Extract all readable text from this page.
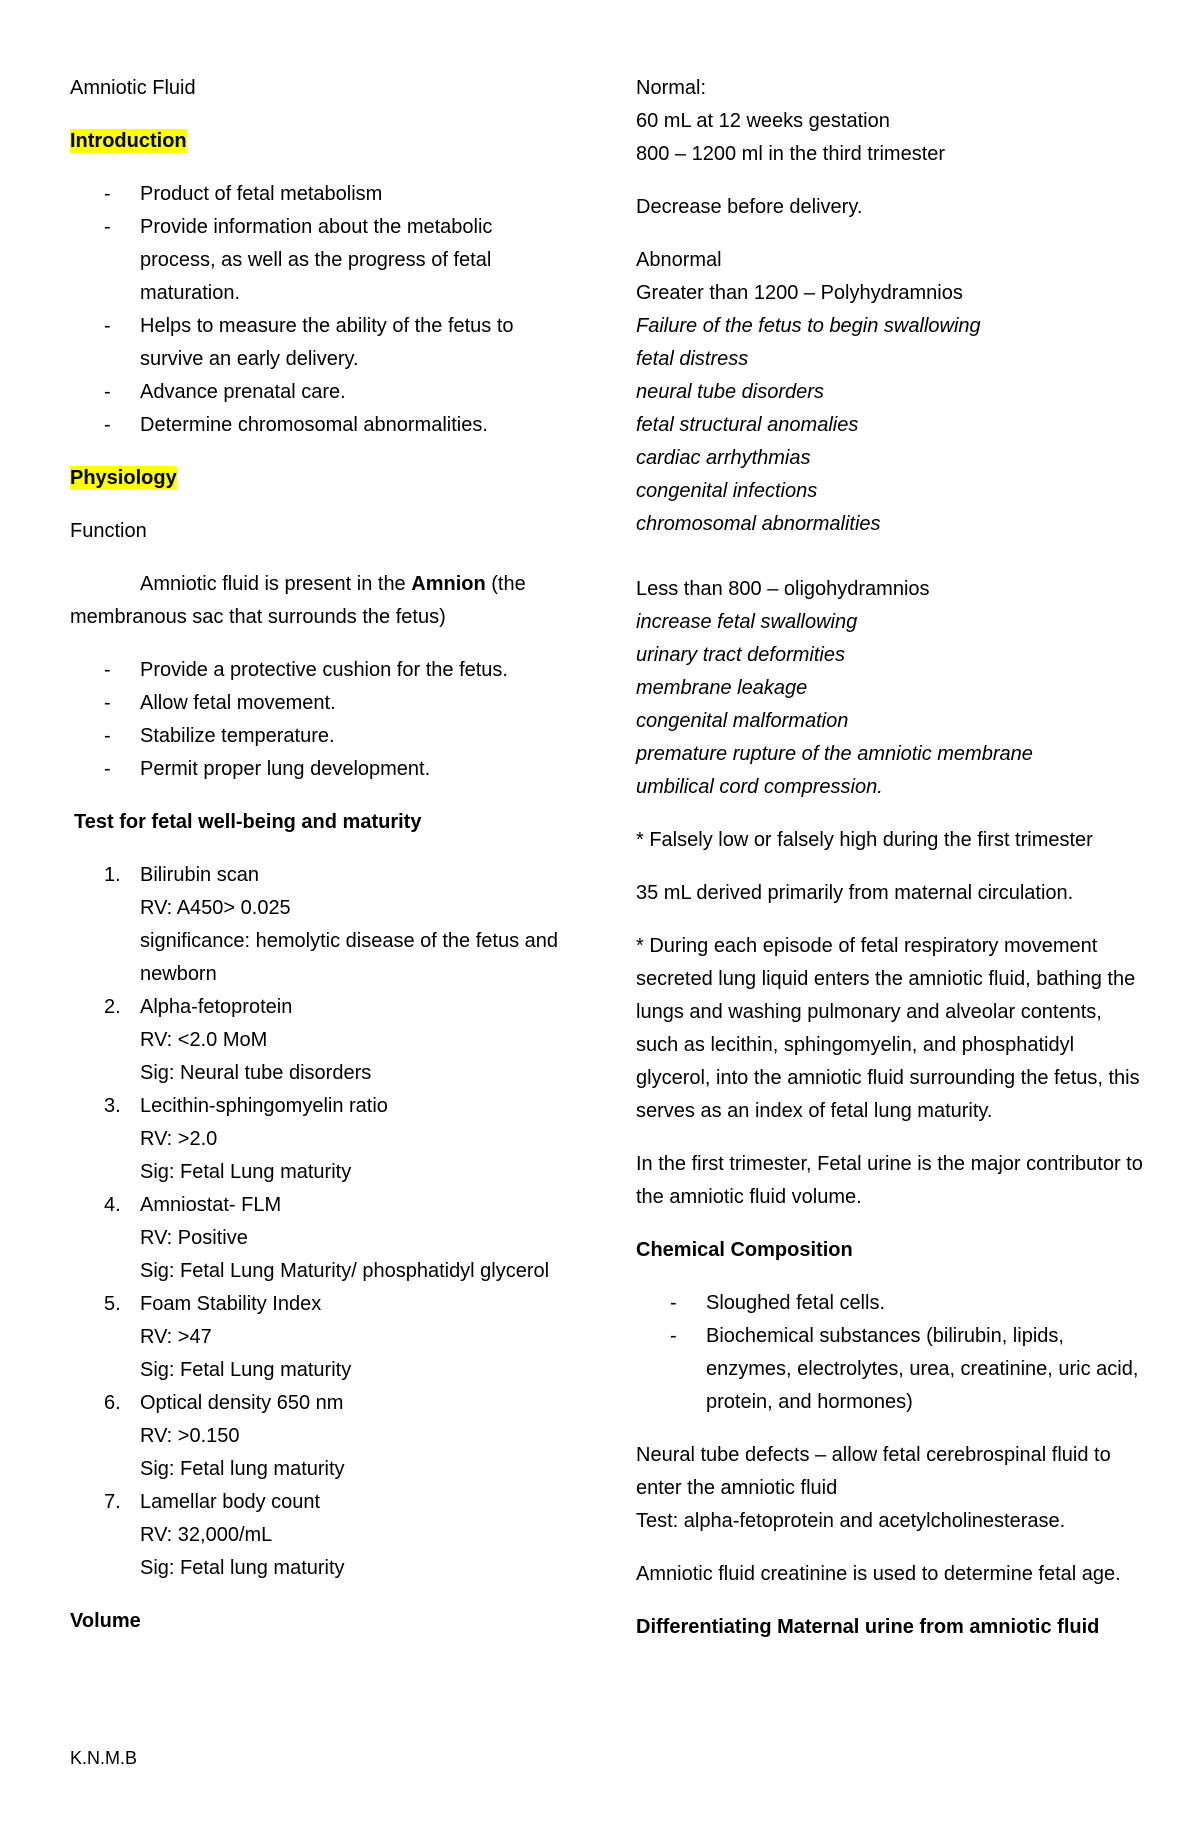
Amniotic Fluid
Introduction
-	Product of fetal metabolism
-	Provide information about the metabolic process, as well as the progress of fetal maturation.
-	Helps to measure the ability of the fetus to survive an early delivery.
-	Advance prenatal care.
-	Determine chromosomal abnormalities.
Physiology
Function
Amniotic fluid is present in the Amnion (the membranous sac that surrounds the fetus)
-	Provide a protective cushion for the fetus.
-	Allow fetal movement.
-	Stabilize temperature.
-	Permit proper lung development.
Test for fetal well-being and maturity
1. Bilirubin scan
RV: A450> 0.025
significance: hemolytic disease of the fetus and newborn
2. Alpha-fetoprotein
RV: <2.0 MoM
Sig: Neural tube disorders
3. Lecithin-sphingomyelin ratio
RV: >2.0
Sig: Fetal Lung maturity
4. Amniostat- FLM
RV: Positive
Sig: Fetal Lung Maturity/ phosphatidyl glycerol
5. Foam Stability Index
RV: >47
Sig: Fetal Lung maturity
6. Optical density 650 nm
RV: >0.150
Sig: Fetal lung maturity
7. Lamellar body count
RV: 32,000/mL
Sig: Fetal lung maturity
Volume
Normal:
60 mL at 12 weeks gestation
800 – 1200 ml in the third trimester
Decrease before delivery.
Abnormal
Greater than 1200 – Polyhydramnios
Failure of the fetus to begin swallowing
fetal distress
neural tube disorders
fetal structural anomalies
cardiac arrhythmias
congenital infections
chromosomal abnormalities
Less than 800 – oligohydramnios
increase fetal swallowing
urinary tract deformities
membrane leakage
congenital malformation
premature rupture of the amniotic membrane
umbilical cord compression.
* Falsely low or falsely high during the first trimester
35 mL derived primarily from maternal circulation.
* During each episode of fetal respiratory movement secreted lung liquid enters the amniotic fluid, bathing the lungs and washing pulmonary and alveolar contents, such as lecithin, sphingomyelin, and phosphatidyl glycerol, into the amniotic fluid surrounding the fetus, this serves as an index of fetal lung maturity.
In the first trimester, Fetal urine is the major contributor to the amniotic fluid volume.
Chemical Composition
-	Sloughed fetal cells.
-	Biochemical substances (bilirubin, lipids, enzymes, electrolytes, urea, creatinine, uric acid, protein, and hormones)
Neural tube defects – allow fetal cerebrospinal fluid to enter the amniotic fluid
Test: alpha-fetoprotein and acetylcholinesterase.
Amniotic fluid creatinine is used to determine fetal age.
Differentiating Maternal urine from amniotic fluid
K.N.M.B
